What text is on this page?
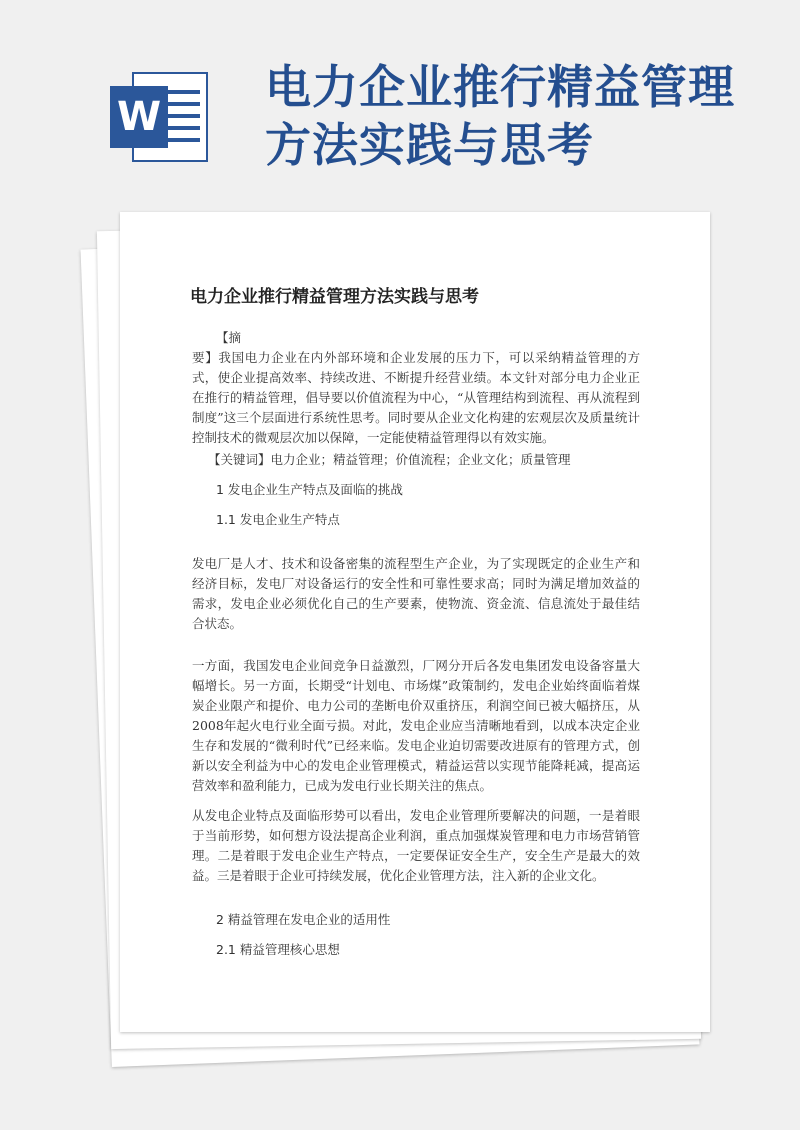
W
电力企业推行精益管理方法实践与思考
电力企业推行精益管理方法实践与思考

【摘

要】我国电力企业在内外部环境和企业发展的压力下，可以采纳精益管理的方式，使企业提高效率、持续改进、不断提升经营业绩。本文针对部分电力企业正在推行的精益管理，倡导要以价值流程为中心，“从管理结构到流程、再从流程到制度”这三个层面进行系统性思考。同时要从企业文化构建的宏观层次及质量统计控制技术的微观层次加以保障，一定能使精益管理得以有效实施。

【关键词】电力企业；精益管理；价值流程；企业文化；质量管理

1 发电企业生产特点及面临的挑战

1.1 发电企业生产特点

发电厂是人才、技术和设备密集的流程型生产企业，为了实现既定的企业生产和经济目标，发电厂对设备运行的安全性和可靠性要求高；同时为满足增加效益的需求，发电企业必须优化自己的生产要素，使物流、资金流、信息流处于最佳结合状态。

一方面，我国发电企业间竞争日益激烈，厂网分开后各发电集团发电设备容量大幅增长。另一方面，长期受“计划电、市场煤”政策制约，发电企业始终面临着煤炭企业限产和提价、电力公司的垄断电价双重挤压，利润空间已被大幅挤压，从2008年起火电行业全面亏损。对此，发电企业应当清晰地看到，以成本决定企业生存和发展的“微利时代”已经来临。发电企业迫切需要改进原有的管理方式，创新以安全利益为中心的发电企业管理模式，精益运营以实现节能降耗减，提高运营效率和盈利能力，已成为发电行业长期关注的焦点。

从发电企业特点及面临形势可以看出，发电企业管理所要解决的问题，一是着眼于当前形势，如何想方设法提高企业利润，重点加强煤炭管理和电力市场营销管理。二是着眼于发电企业生产特点，一定要保证安全生产，安全生产是最大的效益。三是着眼于企业可持续发展，优化企业管理方法，注入新的企业文化。

2 精益管理在发电企业的适用性

2.1 精益管理核心思想
